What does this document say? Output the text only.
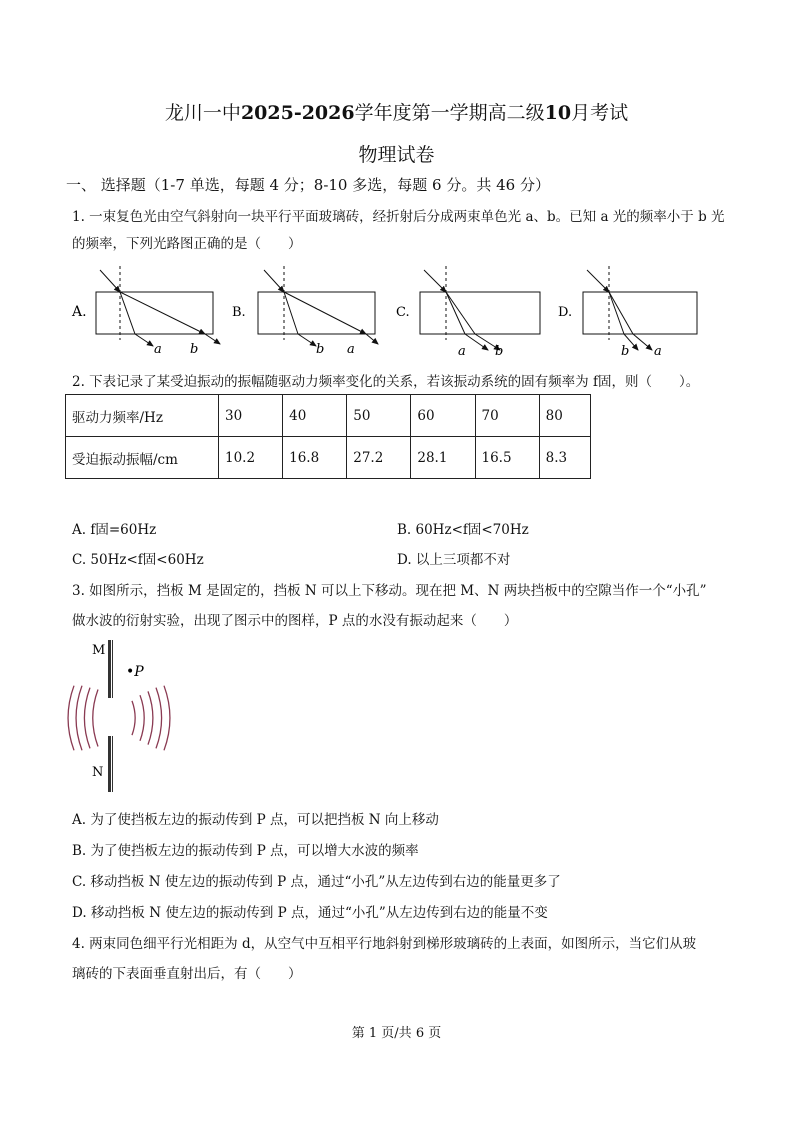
龙川一中2025-2026学年度第一学期高二级10月考试
物理试卷
一、 选择题（1-7 单选，每题 4 分；8-10 多选，每题 6 分。共 46 分）
1. 一束复色光由空气斜射向一块平行平面玻璃砖，经折射后分成两束单色光 a、b。已知 a 光的频率小于 b 光
的频率，下列光路图正确的是（　　）
A.
a b
B.
b a
C.
a b
D.
b a
2. 下表记录了某受迫振动的振幅随驱动力频率变化的关系，若该振动系统的固有频率为 f固，则（　　）。
驱动力频率/Hz	30	40	50	60	70	80
受迫振动振幅/cm	10.2	16.8	27.2	28.1	16.5	8.3
A. f固=60Hz	B. 60Hz<f固<70Hz
C. 50Hz<f固<60Hz	D. 以上三项都不对
3. 如图所示，挡板 M 是固定的，挡板 N 可以上下移动。现在把 M、N 两块挡板中的空隙当作一个“小孔”
做水波的衍射实验，出现了图示中的图样，P 点的水没有振动起来（　　）
M
•P
N
A. 为了使挡板左边的振动传到 P 点，可以把挡板 N 向上移动
B. 为了使挡板左边的振动传到 P 点，可以增大水波的频率
C. 移动挡板 N 使左边的振动传到 P 点，通过“小孔”从左边传到右边的能量更多了
D. 移动挡板 N 使左边的振动传到 P 点，通过“小孔”从左边传到右边的能量不变
4. 两束同色细平行光相距为 d，从空气中互相平行地斜射到梯形玻璃砖的上表面，如图所示，当它们从玻
璃砖的下表面垂直射出后，有（　　）
第 1 页/共 6 页
